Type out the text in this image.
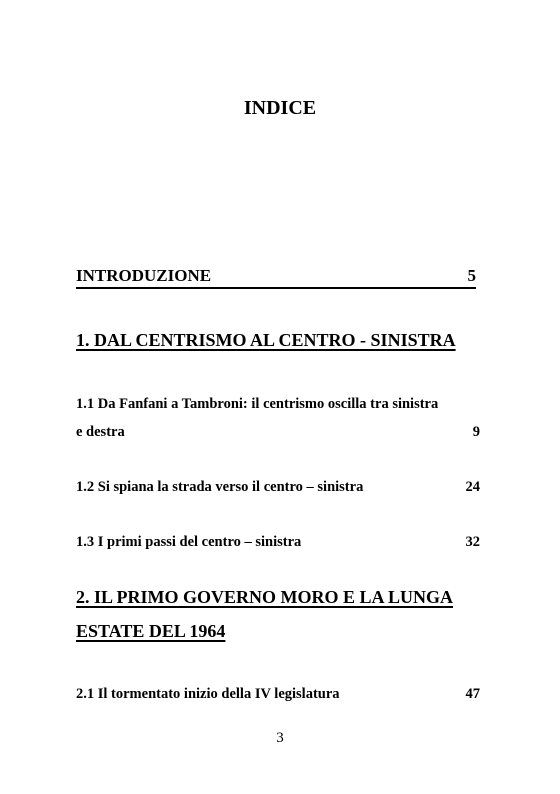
INDICE
INTRODUZIONE	5
1. DAL CENTRISMO AL CENTRO - SINISTRA
1.1 Da Fanfani a Tambroni: il centrismo oscilla tra sinistra
e destra	9
1.2 Si spiana la strada verso il centro – sinistra	24
1.3 I primi passi del centro – sinistra	32
2. IL PRIMO GOVERNO MORO E LA LUNGA
ESTATE DEL 1964
2.1 Il tormentato inizio della IV legislatura	47
3
